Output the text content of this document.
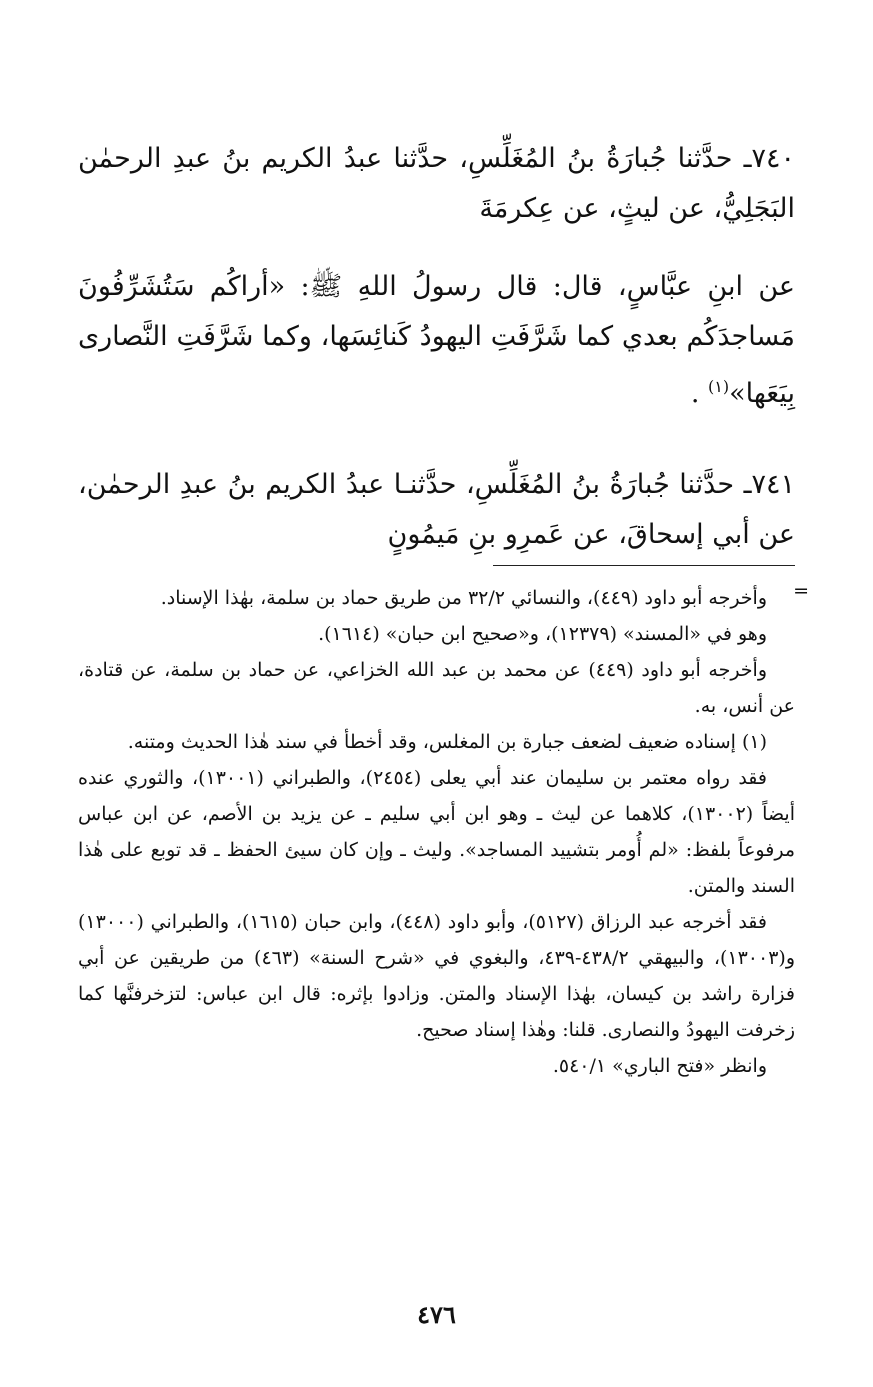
٧٤٠ـ حدَّثنا جُبارَةُ بنُ المُغَلِّسِ، حدَّثنا عبدُ الكريم بنُ عبدِ الرحمٰن البَجَلِيُّ، عن ليثٍ، عن عِكرمَةَ

عن ابنِ عبَّاسٍ، قال: قال رسولُ اللهِ ﷺ: «أراكُم سَتُشَرِّفُونَ مَساجدَكُم بعدي كما شَرَّفَتِ اليهودُ كَنائِسَها، وكما شَرَّفَتِ النَّصارى بِيَعَها»$^{(١)}$ .

٧٤١ـ حدَّثنا جُبارَةُ بنُ المُغَلِّسِ، حدَّثنـا عبدُ الكريم بنُ عبدِ الرحمٰن، عن أبي إسحاقَ، عن عَمرِو بنِ مَيمُونٍ

=

وأخرجه أبو داود (٤٤٩)، والنسائي ٣٢/٢ من طريق حماد بن سلمة، بهٰذا الإسناد.

وهو في «المسند» (١٢٣٧٩)، و«صحيح ابن حبان» (١٦١٤).

وأخرجه أبو داود (٤٤٩) عن محمد بن عبد الله الخزاعي، عن حماد بن سلمة، عن قتادة، عن أنس، به.

(١) إسناده ضعيف لضعف جبارة بن المغلس، وقد أخطأ في سند هٰذا الحديث ومتنه.

فقد رواه معتمر بن سليمان عند أبي يعلى (٢٤٥٤)، والطبراني (١٣٠٠١)، والثوري عنده أيضاً (١٣٠٠٢)، كلاهما عن ليث ـ وهو ابن أبي سليم ـ عن يزيد بن الأصم، عن ابن عباس مرفوعاً بلفظ: «لم أُومر بتشييد المساجد». وليث ـ وإن كان سيئ الحفظ ـ قد توبع على هٰذا السند والمتن.

فقد أخرجه عبد الرزاق (٥١٢٧)، وأبو داود (٤٤٨)، وابن حبان (١٦١٥)، والطبراني (١٣٠٠٠) و(١٣٠٠٣)، والبيهقي ٤٣٨/٢-٤٣٩، والبغوي في «شرح السنة» (٤٦٣) من طريقين عن أبي فزارة راشد بن كيسان، بهٰذا الإسناد والمتن. وزادوا بإثره: قال ابن عباس: لتزخرفنَّها كما زخرفت اليهودُ والنصارى. قلنا: وهٰذا إسناد صحيح.

وانظر «فتح الباري» ٥٤٠/١.

٤٧٦
